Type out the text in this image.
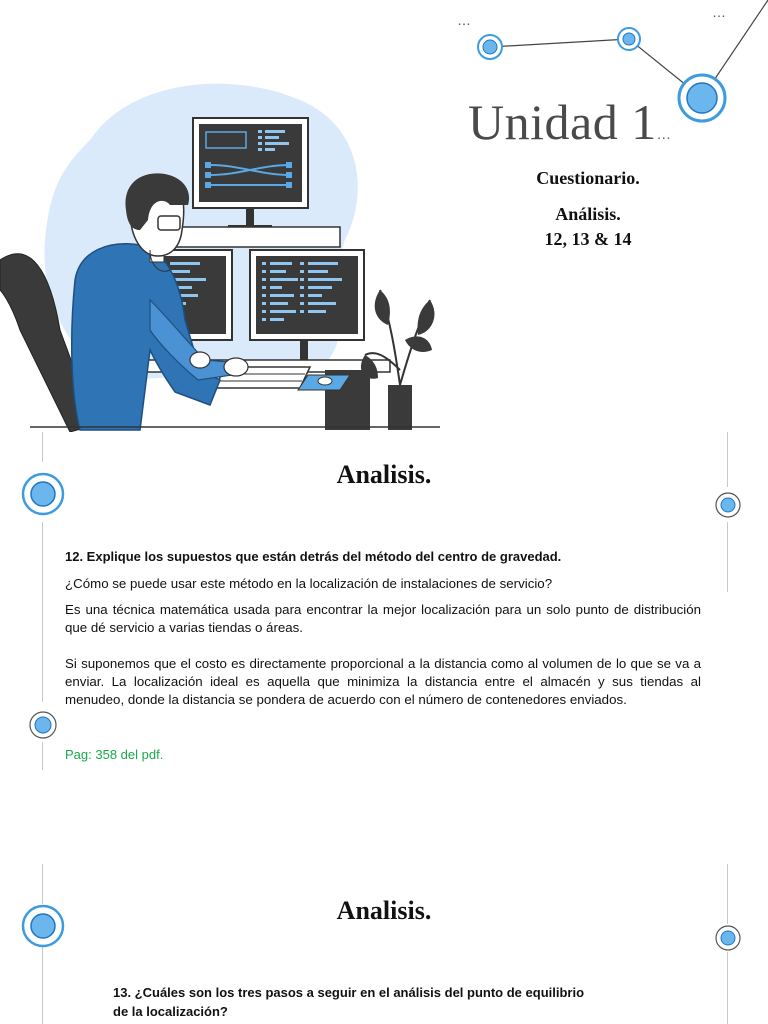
…	…
Unidad 1…
Cuestionario.
Análisis.
12, 13 & 14
Analisis.
12. Explique los supuestos que están detrás del método del centro de gravedad.
¿Cómo se puede usar este método en la localización de instalaciones de servicio?
Es una técnica matemática usada para encontrar la mejor localización para un solo punto de distribución que dé servicio a varias tiendas o áreas.
Si suponemos que el costo es directamente proporcional a la distancia como al volumen de lo que se va a enviar. La localización ideal es aquella que minimiza la distancia entre el almacén y sus tiendas al menudeo, donde la distancia se pondera de acuerdo con el número de contenedores enviados.
Pag: 358 del pdf.
Analisis.
13. ¿Cuáles son los tres pasos a seguir en el análisis del punto de equilibrio
de la localización?
